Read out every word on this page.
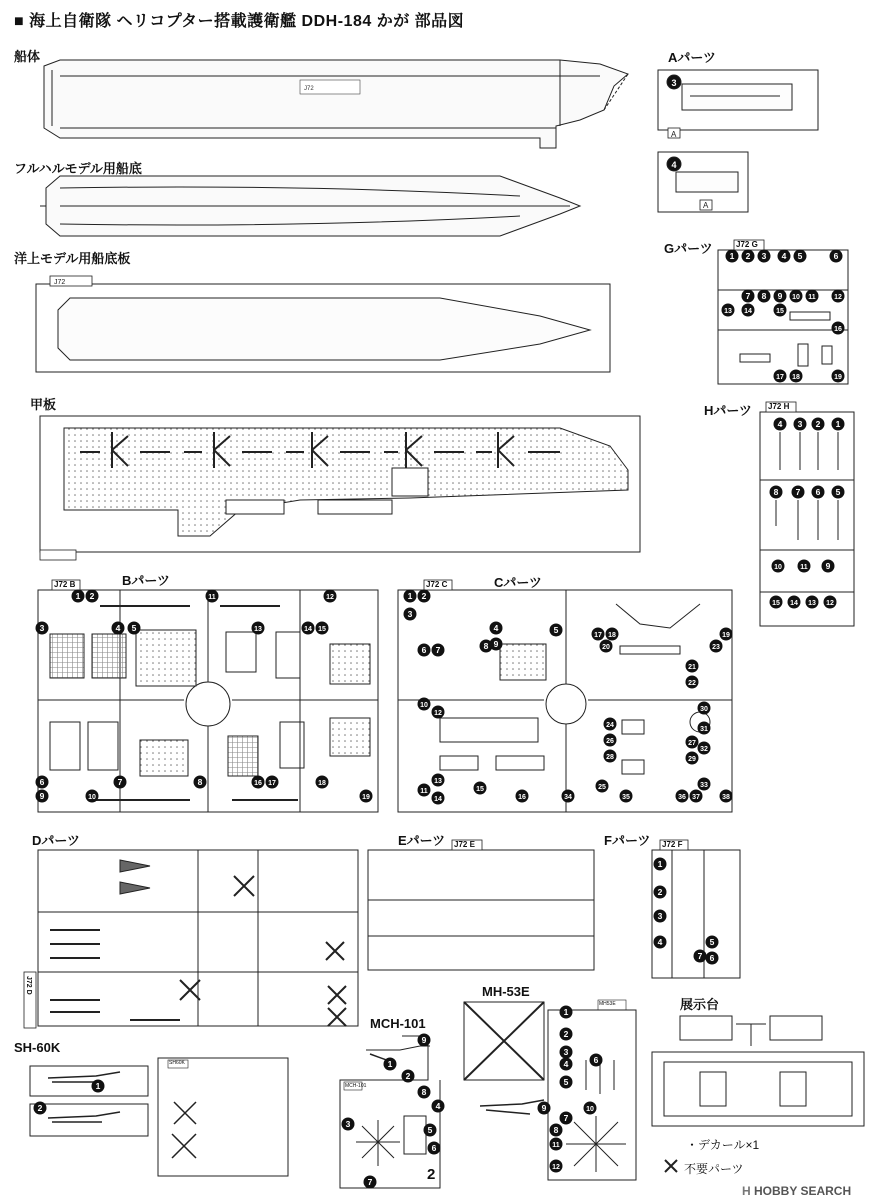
■ 海上自衛隊 ヘリコプター搭載護衛艦 DDH-184 かが 部品図
船体
フルハルモデル用船底
洋上モデル用船底板
甲板
SH-60K
MCH-101
MH-53E
展示台
Aパーツ
Gパーツ
Hパーツ
Bパーツ	Cパーツ
Dパーツ	Eパーツ	Fパーツ
J72
J72
3
4
A
A
1 2
3	4 5
6	7	8
9	10
11	12
13	14 15
16 17	18
19
1 2
3
4	5
6 7	8 9
10
11
12
13
14
15
16
17 18	19
20
21
22
23
24
25
26	27
28	29
30
31
32
33
34	35	36 37	38
1 2 3 4 5	6
7 8 9 10 11	12
13 14	15
16
17 18	19
4 3 2 1
8 7 6 5
10	11 9
15 14 13 12
1
2
3
4	5
6
7
1
2
9
1
2
3
4
5
6
7
8
1
2
3
4
5
6
7
8
9	10
11
12
J72 B	J72 C
J72 E	J72 F
J72 G
J72 H
J72 D
SH60K
MCH-101
MH53E
・デカール×1
不要パーツ
2
H HOBBY SEARCH
